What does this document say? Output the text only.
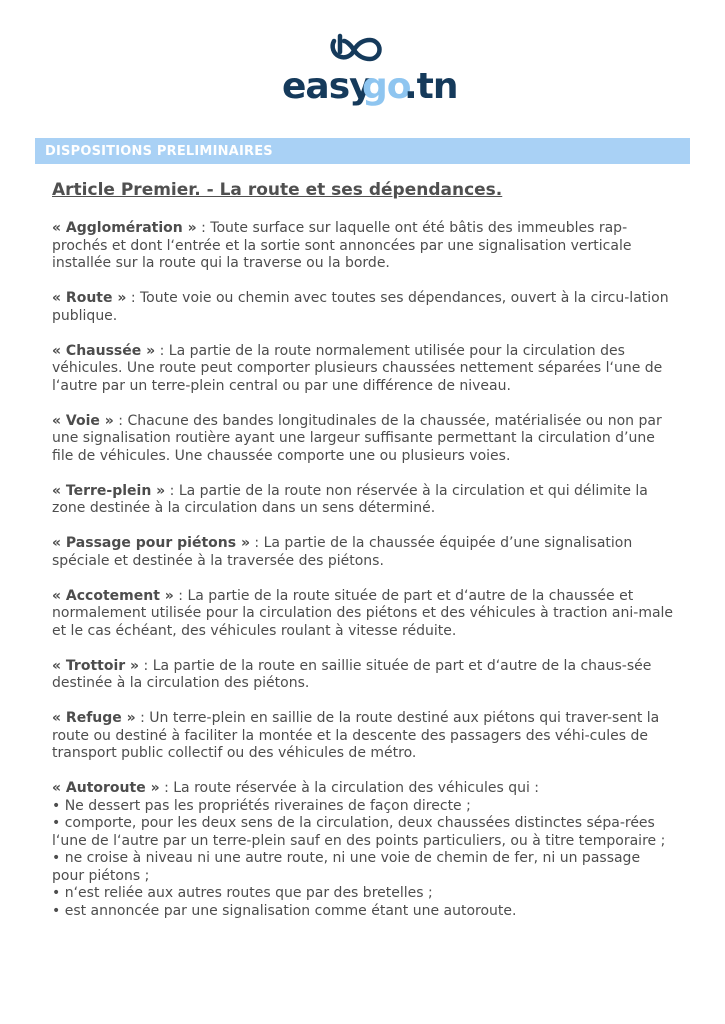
easy
go
.tn
DISPOSITIONS PRELIMINAIRES
Article Premier. - La route et ses dépendances.

« Agglomération » : Toute surface sur laquelle ont été bâtis des immeubles rap-prochés et dont l‘entrée et la sortie sont annoncées par une signalisation verticale installée sur la route qui la traverse ou la borde.

« Route » : Toute voie ou chemin avec toutes ses dépendances, ouvert à la circu-lation publique.

« Chaussée » : La partie de la route normalement utilisée pour la circulation des véhicules. Une route peut comporter plusieurs chaussées nettement séparées l‘une de l‘autre par un terre-plein central ou par une différence de niveau.

« Voie » : Chacune des bandes longitudinales de la chaussée, matérialisée ou non par une signalisation routière ayant une largeur suffisante permettant la circulation d’une file de véhicules. Une chaussée comporte une ou plusieurs voies.

« Terre-plein » : La partie de la route non réservée à la circulation et qui délimite la zone destinée à la circulation dans un sens déterminé.

« Passage pour piétons » : La partie de la chaussée équipée d’une signalisation spéciale et destinée à la traversée des piétons.

« Accotement » : La partie de la route située de part et d‘autre de la chaussée et normalement utilisée pour la circulation des piétons et des véhicules à traction ani-male et le cas échéant, des véhicules roulant à vitesse réduite.

« Trottoir » : La partie de la route en saillie située de part et d‘autre de la chaus-sée destinée à la circulation des piétons.

« Refuge » : Un terre-plein en saillie de la route destiné aux piétons qui traver-sent la route ou destiné à faciliter la montée et la descente des passagers des véhi-cules de transport public collectif ou des véhicules de métro.

« Autoroute » : La route réservée à la circulation des véhicules qui :
• Ne dessert pas les propriétés riveraines de façon directe ;
• comporte, pour les deux sens de la circulation, deux chaussées distinctes sépa-rées l‘une de l‘autre par un terre-plein sauf en des points particuliers, ou à titre temporaire ;
• ne croise à niveau ni une autre route, ni une voie de chemin de fer, ni un passage pour piétons ;
• n‘est reliée aux autres routes que par des bretelles ;
• est annoncée par une signalisation comme étant une autoroute.
